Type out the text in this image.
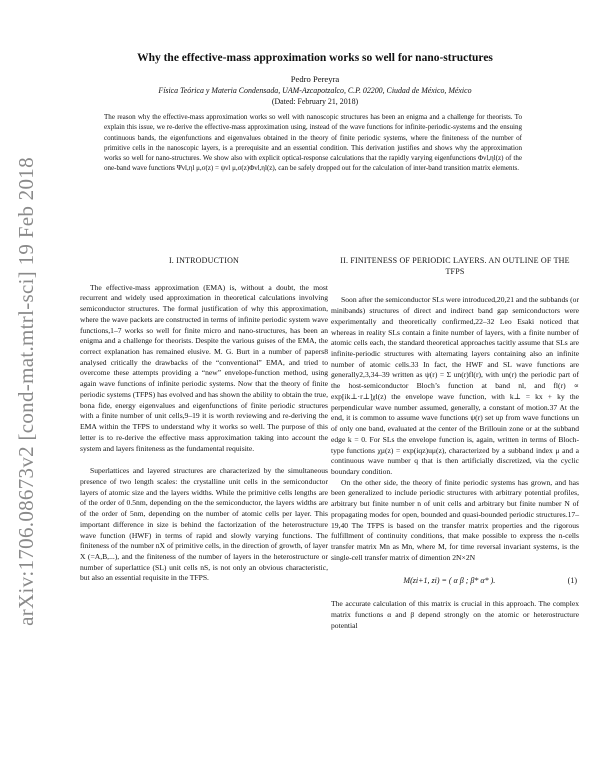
arXiv:1706.08673v2 [cond-mat.mtrl-sci] 19 Feb 2018
Why the effective-mass approximation works so well for nano-structures
Pedro Pereyra
Física Teórica y Materia Condensada, UAM-Azcapotzalco, C.P. 02200, Ciudad de México, México
(Dated: February 21, 2018)

The reason why the effective-mass approximation works so well with nanoscopic structures has been an enigma and a challenge for theorists. To explain this issue, we re-derive the effective-mass approximation using, instead of the wave functions for infinite-periodic-systems and the ensuing continuous bands, the eigenfunctions and eigenvalues obtained in the theory of finite periodic systems, where the finiteness of the number of primitive cells in the nanoscopic layers, is a prerequisite and an essential condition. This derivation justifies and shows why the approximation works so well for nano-structures. We show also with explicit optical-response calculations that the rapidly varying eigenfunctions Φνl,ηl(z) of the one-band wave functions Ψνl,ηl μ,σ(z) = ψνl μ,σ(z)Φνl,ηl(z), can be safely dropped out for the calculation of inter-band transition matrix elements.

I. INTRODUCTION

The effective-mass approximation (EMA) is, without a doubt, the most recurrent and widely used approximation in theoretical calculations involving semiconductor structures. The formal justification of why this approximation, where the wave packets are constructed in terms of infinite periodic system wave functions,1–7 works so well for finite micro and nano-structures, has been an enigma and a challenge for theorists. Despite the various guises of the EMA, the correct explanation has remained elusive. M. G. Burt in a number of papers8 analysed critically the drawbacks of the “conventional” EMA, and tried to overcome these attempts providing a “new” envelope-function method, using again wave functions of infinite periodic systems. Now that the theory of finite periodic systems (TFPS) has evolved and has shown the ability to obtain the true, bona fide, energy eigenvalues and eigenfunctions of finite periodic structures with a finite number of unit cells,9–19 it is worth reviewing and re-deriving the EMA within the TFPS to understand why it works so well. The purpose of this letter is to re-derive the effective mass approximation taking into account the system and layers finiteness as the fundamental requisite.

Superlattices and layered structures are characterized by the simultaneous presence of two length scales: the crystalline unit cells in the semiconductor layers of atomic size and the layers widths. While the primitive cells lengths are of the order of 0.5nm, depending on the the semiconductor, the layers widths are of the order of 5nm, depending on the number of atomic cells per layer. This important difference in size is behind the factorization of the heterostructure wave function (HWF) in terms of rapid and slowly varying functions. The finiteness of the number nX of primitive cells, in the direction of growth, of layer X (=A,B,...), and the finiteness of the number of layers in the heterostructure or number of superlattice (SL) unit cells nS, is not only an obvious characteristic, but also an essential requisite in the TFPS.

II. FINITENESS OF PERIODIC LAYERS. AN OUTLINE OF THE TFPS

Soon after the semiconductor SLs were introduced,20,21 and the subbands (or minibands) structures of direct and indirect band gap semiconductors were experimentally and theoretically confirmed,22–32 Leo Esaki noticed that whereas in reality SLs contain a finite number of layers, with a finite number of atomic cells each, the standard theoretical approaches tacitly assume that SLs are infinite-periodic structures with alternating layers containing also an infinite number of atomic cells.33 In fact, the HWF and SL wave functions are generally2,3,34–39 written as ψ(r) = Σ un(r)fl(r), with un(r) the periodic part of the host-semiconductor Bloch’s function at band nl, and fl(r) ∝ exp[ik⊥·r⊥]χl(z) the envelope wave function, with k⊥ = kx + ky the perpendicular wave number assumed, generally, a constant of motion.37 At the end, it is common to assume wave functions ψ(r) set up from wave functions un of only one band, evaluated at the center of the Brillouin zone or at the subband edge k = 0. For SLs the envelope function is, again, written in terms of Bloch-type functions χμ(z) = exp(iqz)uμ(z), characterized by a subband index μ and a continuous wave number q that is then artificially discretized, via the cyclic boundary condition.

On the other side, the theory of finite periodic systems has grown, and has been generalized to include periodic structures with arbitrary potential profiles, arbitrary but finite number n of unit cells and arbitrary but finite number N of propagating modes for open, bounded and quasi-bounded periodic structures.17–19,40 The TFPS is based on the transfer matrix properties and the rigorous fulfillment of continuity conditions, that make possible to express the n-cells transfer matrix Mn as Mn, where M, for time reversal invariant systems, is the single-cell transfer matrix of dimention 2N×2N

M(zi+1, zi) = ( α β ; β* α* ).	(1)

The accurate calculation of this matrix is crucial in this approach. The complex matrix functions α and β depend strongly on the atomic or heterostructure potential
